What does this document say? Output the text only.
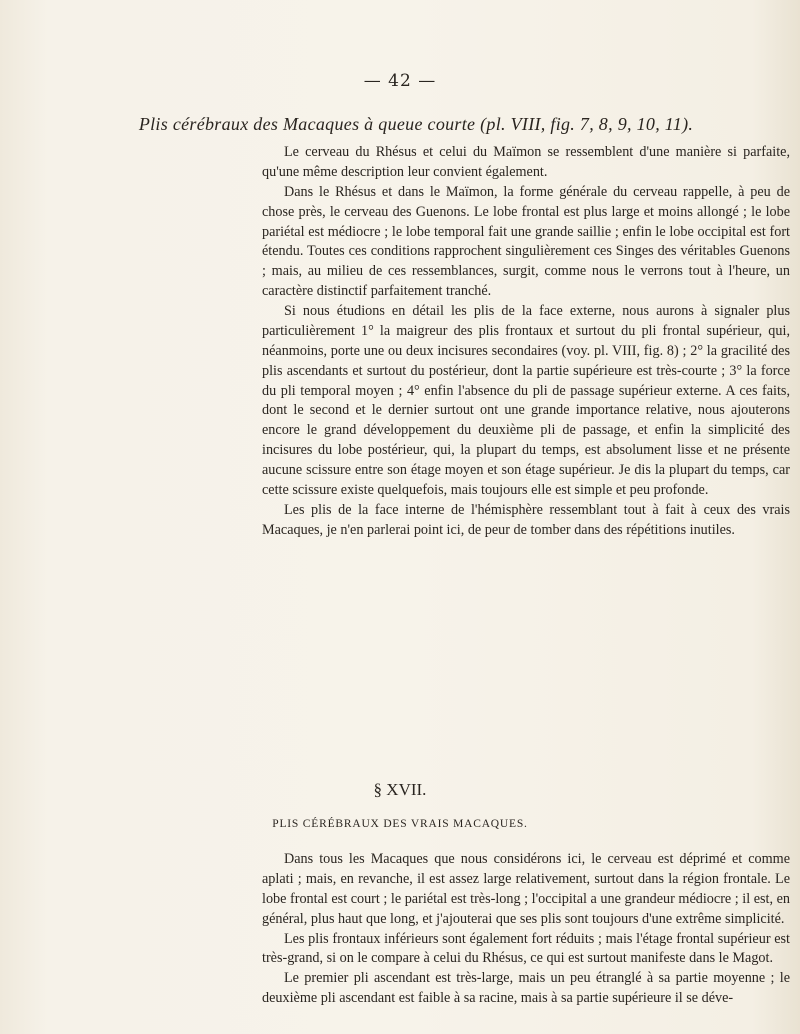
— 42 —
Plis cérébraux des Macaques à queue courte (pl. VIII, fig. 7, 8, 9, 10, 11).

Le cerveau du Rhésus et celui du Maïmon se ressemblent d'une manière si parfaite, qu'une même description leur convient également.

Dans le Rhésus et dans le Maïmon, la forme générale du cerveau rappelle, à peu de chose près, le cerveau des Guenons. Le lobe frontal est plus large et moins allongé ; le lobe pariétal est médiocre ; le lobe temporal fait une grande saillie ; enfin le lobe occipital est fort étendu. Toutes ces conditions rapprochent singulièrement ces Singes des véritables Guenons ; mais, au milieu de ces ressemblances, surgit, comme nous le verrons tout à l'heure, un caractère distinctif parfaitement tranché.

Si nous étudions en détail les plis de la face externe, nous aurons à signaler plus particulièrement 1° la maigreur des plis frontaux et surtout du pli frontal supérieur, qui, néanmoins, porte une ou deux incisures secondaires (voy. pl. VIII, fig. 8) ; 2° la gracilité des plis ascendants et surtout du postérieur, dont la partie supérieure est très-courte ; 3° la force du pli temporal moyen ; 4° enfin l'absence du pli de passage supérieur externe. A ces faits, dont le second et le dernier surtout ont une grande importance relative, nous ajouterons encore le grand développement du deuxième pli de passage, et enfin la simplicité des incisures du lobe postérieur, qui, la plupart du temps, est absolument lisse et ne présente aucune scissure entre son étage moyen et son étage supérieur. Je dis la plupart du temps, car cette scissure existe quelquefois, mais toujours elle est simple et peu profonde.

Les plis de la face interne de l'hémisphère ressemblant tout à fait à ceux des vrais Macaques, je n'en parlerai point ici, de peur de tomber dans des répétitions inutiles.

§ XVII.
PLIS CÉRÉBRAUX DES VRAIS MACAQUES.

Dans tous les Macaques que nous considérons ici, le cerveau est déprimé et comme aplati ; mais, en revanche, il est assez large relativement, surtout dans la région frontale. Le lobe frontal est court ; le pariétal est très-long ; l'occipital a une grandeur médiocre ; il est, en général, plus haut que long, et j'ajouterai que ses plis sont toujours d'une extrême simplicité.

Les plis frontaux inférieurs sont également fort réduits ; mais l'étage frontal supérieur est très-grand, si on le compare à celui du Rhésus, ce qui est surtout manifeste dans le Magot.

Le premier pli ascendant est très-large, mais un peu étranglé à sa partie moyenne ; le deuxième pli ascendant est faible à sa racine, mais à sa partie supérieure il se déve-
